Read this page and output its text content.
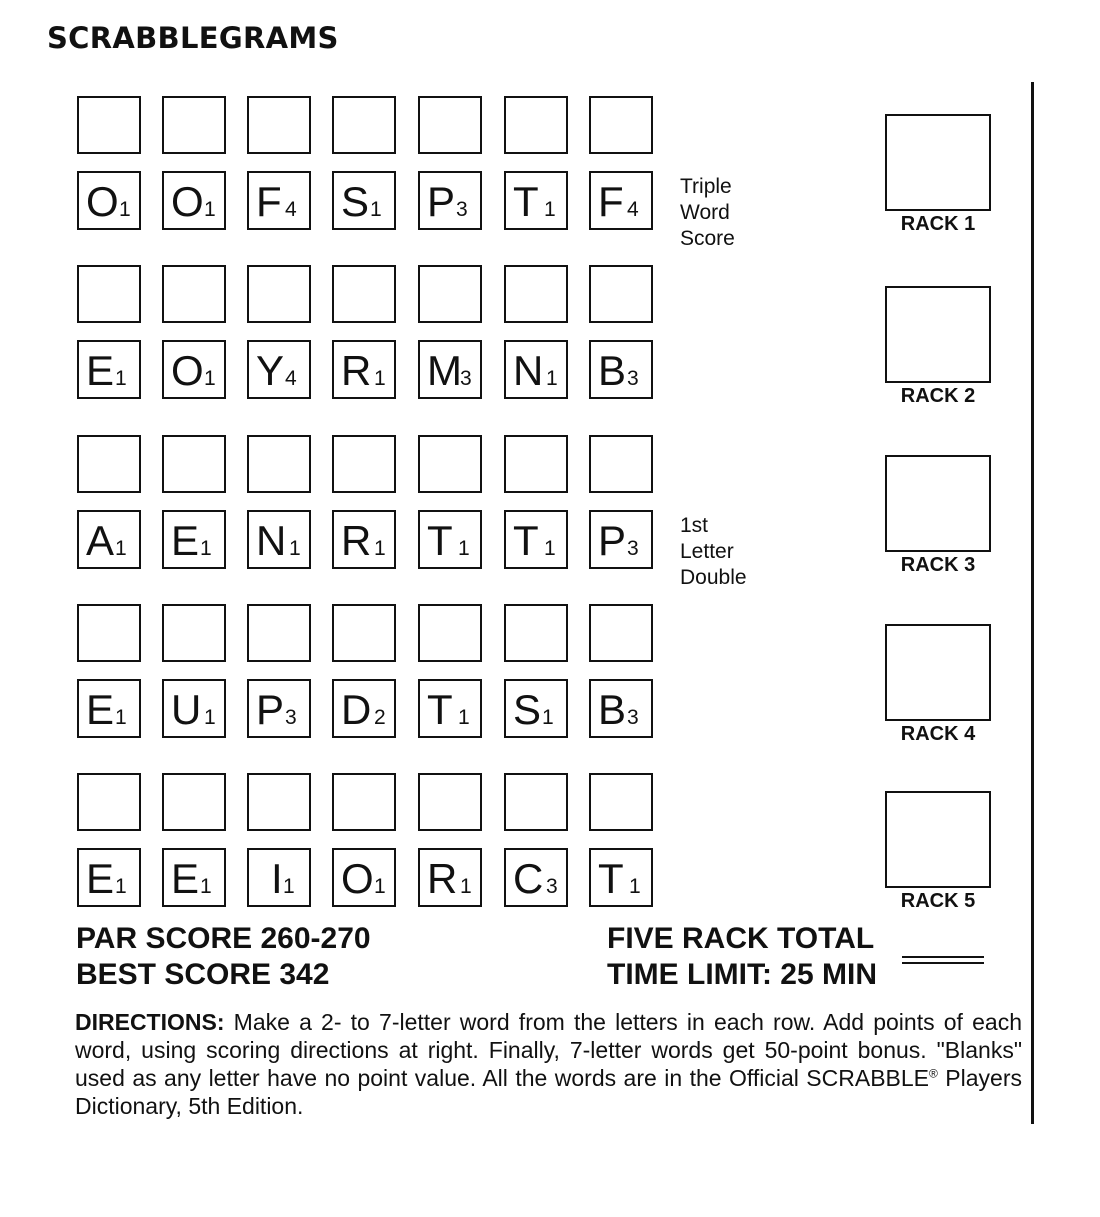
SCRABBLEGRAMS
O 1 O 1 F 4 S 1 P 3 T 1 F 4
Triple
Word Score
RACK 1
E 1 O 1 Y 4 R 1 M
3 N 1 B 3
RACK 2
A 1 E 1 N 1 R 1 T 1 T 1 P 3
1st Letter
Double
RACK 3
E 1 U 1 P 3 D 2 T 1 S 1 B 3
RACK 4
E 1 E 1 I 1 O 1 R 1 C 3 T 1
RACK 5
PAR SCORE 260-270
BEST SCORE 342
FIVE RACK TOTAL
TIME LIMIT: 25 MIN
DIRECTIONS: Make a 2- to 7-letter word from the letters in each row. Add points of each word, using scoring directions at right. Finally, 7-letter words get 50-point bonus. "Blanks" used as any letter have no point value. All the words are in the Official SCRABBLE® Players Dictionary, 5th Edition.
